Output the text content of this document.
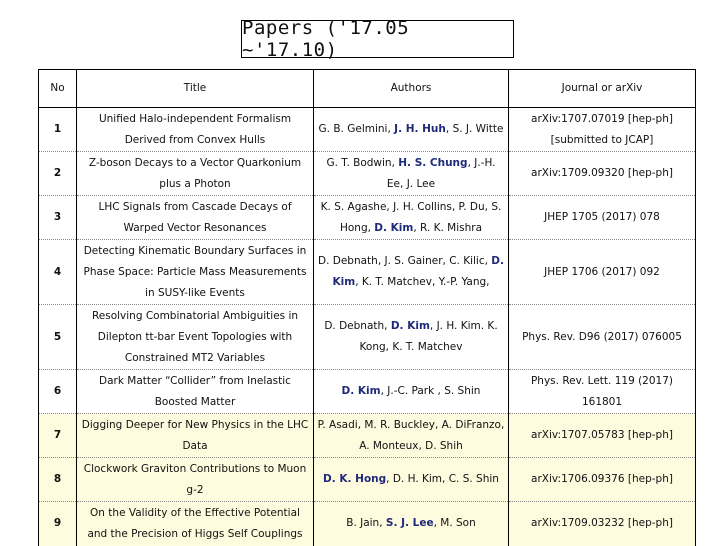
Papers ('17.05 ~'17.10)
No	Title	Authors	Journal or arXiv
1	Unified Halo-independent Formalism Derived from Convex Hulls	G. B. Gelmini, J. H. Huh, S. J. Witte	arXiv:1707.07019 [hep-ph] [submitted to JCAP]
2	Z-boson Decays to a Vector Quarkonium plus a Photon	G. T. Bodwin, H. S. Chung, J.-H. Ee, J. Lee	arXiv:1709.09320 [hep-ph]
3	LHC Signals from Cascade Decays of Warped Vector Resonances	K. S. Agashe, J. H. Collins, P. Du, S. Hong, D. Kim, R. K. Mishra	JHEP 1705 (2017) 078
4	Detecting Kinematic Boundary Surfaces in Phase Space: Particle Mass Measurements in SUSY-like Events	D. Debnath, J. S. Gainer, C. Kilic, D. Kim, K. T. Matchev, Y.-P. Yang,	JHEP 1706 (2017) 092
5	Resolving Combinatorial Ambiguities in Dilepton tt-bar Event Topologies with Constrained MT2 Variables	D. Debnath, D. Kim, J. H. Kim. K. Kong, K. T. Matchev	Phys. Rev. D96 (2017) 076005
6	Dark Matter “Collider” from Inelastic Boosted Matter	D. Kim, J.-C. Park , S. Shin	Phys. Rev. Lett. 119 (2017) 161801
7	Digging Deeper for New Physics in the LHC Data	P. Asadi, M. R. Buckley, A. DiFranzo, A. Monteux, D. Shih	arXiv:1707.05783 [hep-ph]
8	Clockwork Graviton Contributions to Muon g-2	D. K. Hong, D. H. Kim, C. S. Shin	arXiv:1706.09376 [hep-ph]
9	On the Validity of the Effective Potential and the Precision of Higgs Self Couplings	B. Jain, S. J. Lee, M. Son	arXiv:1709.03232 [hep-ph]
